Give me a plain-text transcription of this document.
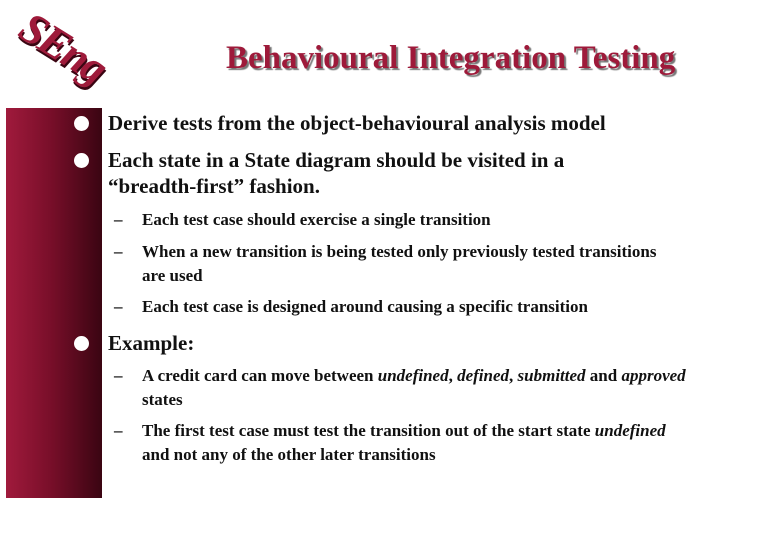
SEng	Behavioural Integration Testing
Derive tests from the object-behavioural analysis model
Each state in a State diagram should be visited in a “breadth-first” fashion.
– Each test case should exercise a single transition
– When a new transition is being tested only previously tested transitions are used
– Each test case is designed around causing a specific transition
Example:
– A credit card can move between undefined, defined, submitted and approved states
– The first test case must test the transition out of the start state undefined and not any of the other later transitions
